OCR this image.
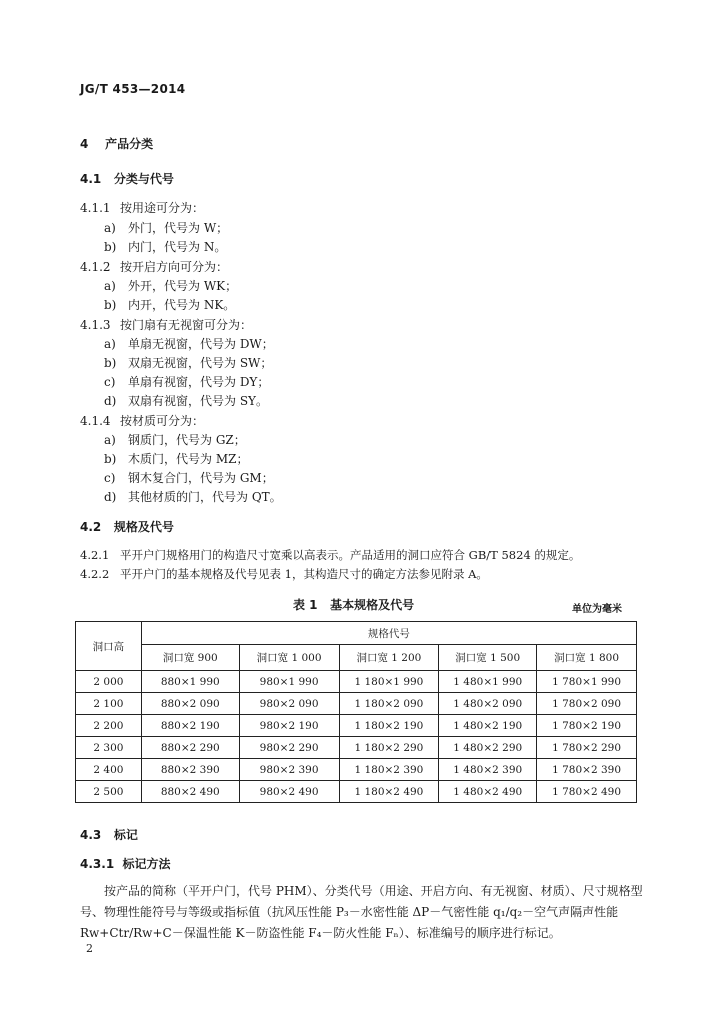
JG/T 453—2014
4 产品分类
4.1 分类与代号
4.1.1 按用途可分为：
a) 外门，代号为 W；
b) 内门，代号为 N。
4.1.2 按开启方向可分为：
a) 外开，代号为 WK；
b) 内开，代号为 NK。
4.1.3 按门扇有无视窗可分为：
a) 单扇无视窗，代号为 DW；
b) 双扇无视窗，代号为 SW；
c) 单扇有视窗，代号为 DY；
d) 双扇有视窗，代号为 SY。
4.1.4 按材质可分为：
a) 钢质门，代号为 GZ；
b) 木质门，代号为 MZ；
c) 钢木复合门，代号为 GM；
d) 其他材质的门，代号为 QT。
4.2 规格及代号
4.2.1 平开户门规格用门的构造尺寸宽乘以高表示。产品适用的洞口应符合 GB/T 5824 的规定。
4.2.2 平开户门的基本规格及代号见表 1，其构造尺寸的确定方法参见附录 A。
表 1 基本规格及代号	单位为毫米
洞口高	规格代号				
	洞口宽 900	洞口宽 1 000	洞口宽 1 200	洞口宽 1 500	洞口宽 1 800
2 000	880×1 990	980×1 990	1 180×1 990	1 480×1 990	1 780×1 990
2 100	880×2 090	980×2 090	1 180×2 090	1 480×2 090	1 780×2 090
2 200	880×2 190	980×2 190	1 180×2 190	1 480×2 190	1 780×2 190
2 300	880×2 290	980×2 290	1 180×2 290	1 480×2 290	1 780×2 290
2 400	880×2 390	980×2 390	1 180×2 390	1 480×2 390	1 780×2 390
2 500	880×2 490	980×2 490	1 180×2 490	1 480×2 490	1 780×2 490
4.3 标记
4.3.1 标记方法
按产品的简称（平开户门，代号 PHM）、分类代号（用途、开启方向、有无视窗、材质）、尺寸规格型号、物理性能符号与等级或指标值（抗风压性能 P₃－水密性能 ΔP－气密性能 q₁/q₂－空气声隔声性能 Rw+Ctr/Rw+C－保温性能 K－防盗性能 F₄－防火性能 Fₙ）、标准编号的顺序进行标记。
2
